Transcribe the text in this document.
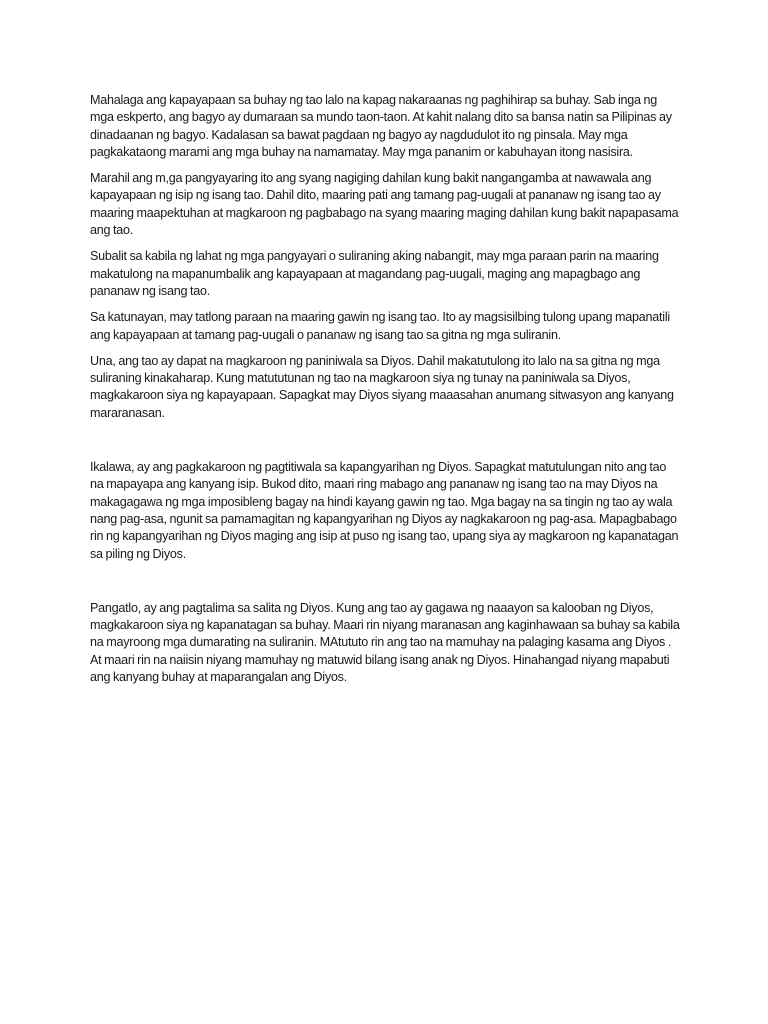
Mahalaga ang kapayapaan sa buhay ng tao lalo na kapag nakaraanas ng paghihirap sa buhay. Sab inga ng mga eskperto, ang bagyo ay dumaraan sa mundo taon-taon. At kahit nalang dito sa bansa natin sa Pilipinas ay dinadaanan ng bagyo. Kadalasan sa bawat pagdaan ng bagyo ay nagdudulot ito ng pinsala. May mga pagkakataong marami ang mga buhay na namamatay. May mga pananim or kabuhayan itong nasisira.

Marahil ang m,ga pangyayaring ito ang syang nagiging dahilan kung bakit nangangamba at nawawala ang kapayapaan ng isip ng isang tao. Dahil dito, maaring pati ang tamang pag-uugali at pananaw ng isang tao ay maaring maapektuhan at magkaroon ng pagbabago na syang maaring maging dahilan kung bakit napapasama ang tao.

Subalit sa kabila ng lahat ng mga pangyayari o suliraning aking nabangit, may mga paraan parin na maaring makatulong na mapanumbalik ang kapayapaan at magandang pag-uugali, maging ang mapagbago ang pananaw ng isang tao.

Sa katunayan, may tatlong paraan na maaring gawin ng isang tao. Ito ay magsisilbing tulong upang mapanatili ang kapayapaan at tamang pag-uugali o pananaw ng isang tao sa gitna ng mga suliranin.

Una, ang tao ay dapat na magkaroon ng paniniwala sa Diyos. Dahil makatutulong ito lalo na sa gitna ng mga suliraning kinakaharap. Kung matututunan ng tao na magkaroon siya ng tunay na paniniwala sa Diyos, magkakaroon siya ng kapayapaan. Sapagkat may Diyos siyang maaasahan anumang sitwasyon ang kanyang mararanasan.

Ikalawa, ay ang pagkakaroon ng pagtitiwala sa kapangyarihan ng Diyos. Sapagkat matutulungan nito ang tao na mapayapa ang kanyang isip. Bukod dito, maari ring mabago ang pananaw ng isang tao na may Diyos na makagagawa ng mga imposibleng bagay na hindi kayang gawin ng tao. Mga bagay na sa tingin ng tao ay wala nang pag-asa, ngunit sa pamamagitan ng kapangyarihan ng Diyos ay nagkakaroon ng pag-asa. Mapagbabago rin ng kapangyarihan ng Diyos maging ang isip at puso ng isang tao, upang siya ay magkaroon ng kapanatagan sa piling ng Diyos.

Pangatlo, ay ang pagtalima sa salita ng Diyos. Kung ang tao ay gagawa ng naaayon sa kalooban ng Diyos, magkakaroon siya ng kapanatagan sa buhay. Maari rin niyang maranasan ang kaginhawaan sa buhay sa kabila na mayroong mga dumarating na suliranin. MAtututo rin ang tao na mamuhay na palaging kasama ang Diyos . At maari rin na naiisin niyang mamuhay ng matuwid bilang isang anak ng Diyos. Hinahangad niyang mapabuti ang kanyang buhay at maparangalan ang Diyos.
